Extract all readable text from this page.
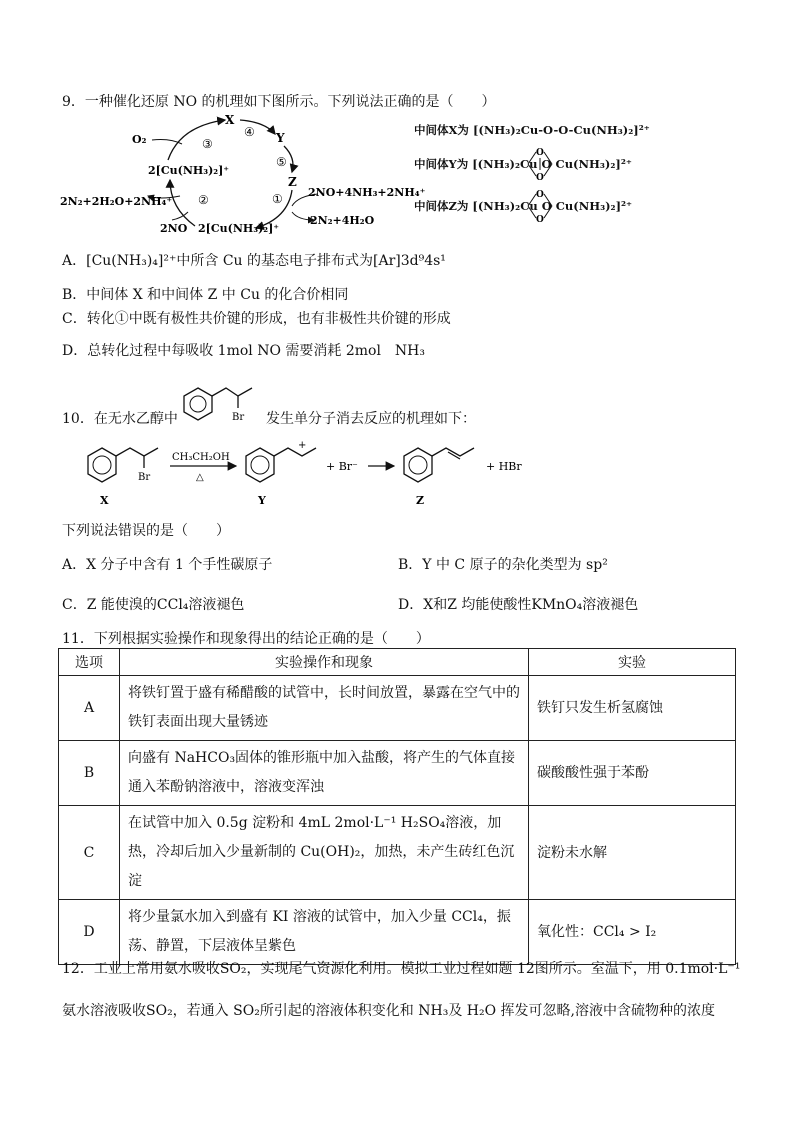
9．一种催化还原 NO 的机理如下图所示。下列说法正确的是（　　）
X
Y
Z
O₂
2[Cu(NH₃)₂]⁺
2[Cu(NH₃)₂]⁺
2NO
2N₂+2H₂O+2NH₄⁺
2NO+4NH₃+2NH₄⁺
2N₂+4H₂O
③
④
⑤
①
②
中间体X为 [(NH₃)₂Cu-O-O-Cu(NH₃)₂]²⁺
中间体Y为 [(NH₃)₂Cu O Cu(NH₃)₂]²⁺
O
O
中间体Z为 [(NH₃)₂Cu O Cu(NH₃)₂]²⁺
O
O
A．[Cu(NH₃)₄]²⁺中所含 Cu 的基态电子排布式为[Ar]3d⁹4s¹
B．中间体 X 和中间体 Z 中 Cu 的化合价相同
C．转化①中既有极性共价键的形成，也有非极性共价键的形成
D．总转化过程中每吸收 1mol NO 需要消耗 2mol　NH₃
10．在无水乙醇中	Br 发生单分子消去反应的机理如下：
Br
X
CH₃CH₂OH
△
+
Y
+ Br⁻
Z
+ HBr
下列说法错误的是（　　）
A．X 分子中含有 1 个手性碳原子	B．Y 中 C 原子的杂化类型为 sp²
C．Z 能使溴的CCl₄溶液褪色	D．X和Z 均能使酸性KMnO₄溶液褪色
11．下列根据实验操作和现象得出的结论正确的是（　　）
选项	实验操作和现象	实验
A	将铁钉置于盛有稀醋酸的试管中，长时间放置，暴露在空气中的铁钉表面出现大量锈迹	铁钉只发生析氢腐蚀
B	向盛有 NaHCO₃固体的锥形瓶中加入盐酸，将产生的气体直接通入苯酚钠溶液中，溶液变浑浊	碳酸酸性强于苯酚
C	在试管中加入 0.5g 淀粉和 4mL 2mol·L⁻¹ H₂SO₄溶液，加热，冷却后加入少量新制的 Cu(OH)₂，加热，未产生砖红色沉淀	淀粉未水解
D	将少量氯水加入到盛有 KI 溶液的试管中，加入少量 CCl₄，振荡、静置，下层液体呈紫色	氧化性：CCl₄ > I₂
12．工业上常用氨水吸收SO₂，实现尾气资源化利用。模拟工业过程如题 12图所示。室温下，用 0.1mol·L⁻¹
氨水溶液吸收SO₂，若通入 SO₂所引起的溶液体积变化和 NH₃及 H₂O 挥发可忽略,溶液中含硫物种的浓度
